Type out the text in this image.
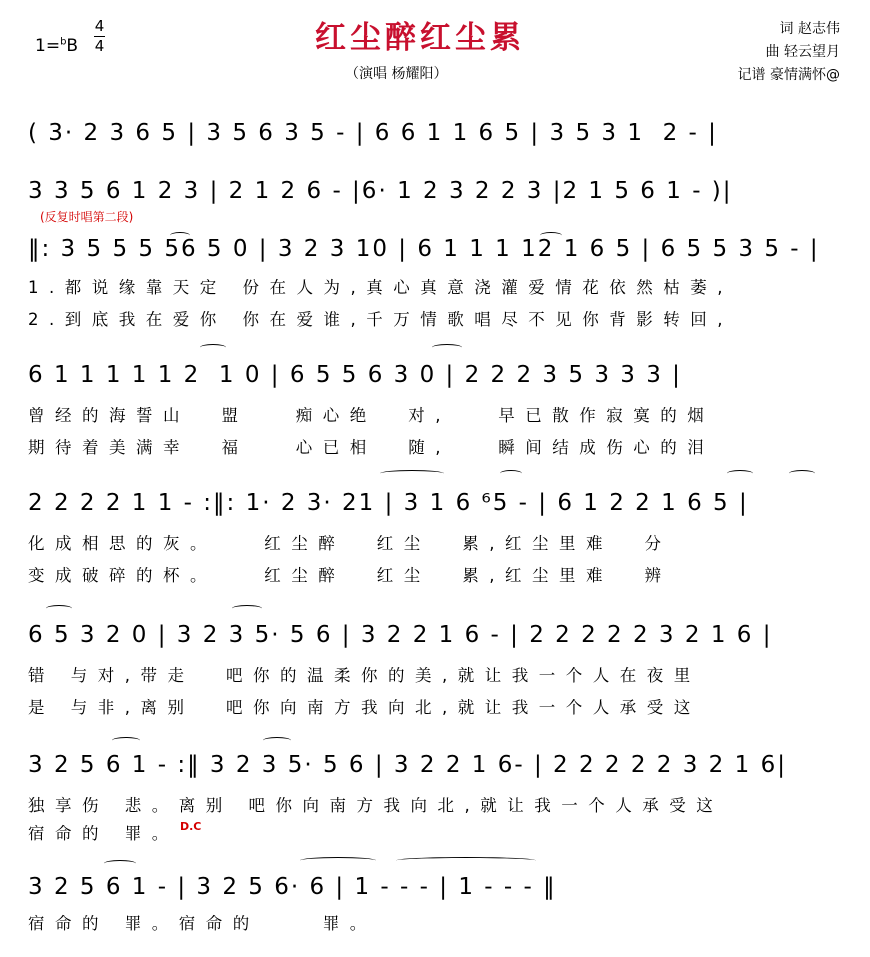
1=$^b$B
4
4	红尘醉红尘累
（演唱 杨耀阳）
词 赵志伟
曲 轻云望月
记谱 豪情满怀@
(反复时唱第二段)
D.C
( 3· 2 3 6 5 | 3 5 6 3 5 - | 6 6 1 1 6 5 | 3 5 3 1  2 - |
3 3 5 6 1 2 3 | 2 1 2 6 - |6· 1 2 3 2 2 3 |2 1 5 6 1 - )|
‖: 3 5 5 5 56 5 0 | 3 2 3 10 | 6 1 1 1 12 1 6 5 | 6 5 5 3 5 - |
1.都说缘靠天定 份在人为,真心真意浇灌爱情花依然枯萎,
2.到底我在爱你 你在爱谁,千万情歌唱尽不见你背影转回,
6 1 1 1 1 1 2  1 0 | 6 5 5 6 3 0 | 2 2 2 3 5 3 3 3 |
曾经的海誓山  盟   痴心绝  对,   早已散作寂寞的烟
期待着美满幸  福   心已相  随,   瞬间结成伤心的泪
2 2 2 2 1 1 - :‖: 1· 2 3· 21 | 3 1 6 ⁶5 - | 6 1 2 2 1 6 5 |
化成相思的灰。   红尘醉  红尘  累,红尘里难  分
变成破碎的杯。   红尘醉  红尘  累,红尘里难  辨
6 5 3 2 0 | 3 2 3 5· 5 6 | 3 2 2 1 6 - | 2 2 2 2 2 3 2 1 6 |
错 与对,带走  吧你的温柔你的美,就让我一个人在夜里
是 与非,离别  吧你向南方我向北,就让我一个人承受这
3 2 5 6 1 - :‖ 3 2 3 5· 5 6 | 3 2 2 1 6- | 2 2 2 2 2 3 2 1 6|
独享伤 悲。离别 吧你向南方我向北,就让我一个人承受这
宿命的 罪。
3 2 5 6 1 - | 3 2 5 6· 6 | 1 - - - | 1 - - - ‖
宿命的 罪。宿命的    罪。
